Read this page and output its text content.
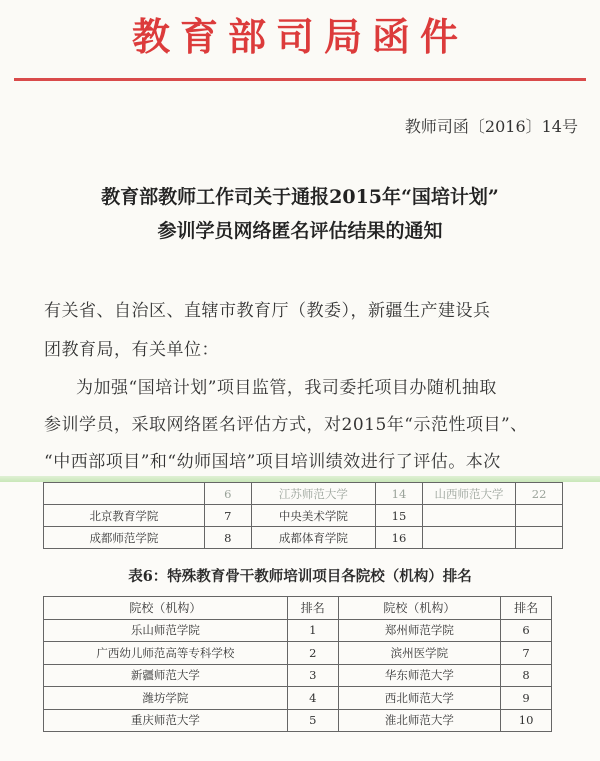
教育部司局函件
教师司函〔2016〕14号
教育部教师工作司关于通报2015年“国培计划”
参训学员网络匿名评估结果的通知
有关省、自治区、直辖市教育厅（教委），新疆生产建设兵
团教育局，有关单位：
为加强“国培计划”项目监管，我司委托项目办随机抽取
参训学员，采取网络匿名评估方式，对2015年“示范性项目”、
“中西部项目”和“幼师国培”项目培训绩效进行了评估。本次
	6	江苏师范大学	14	山西师范大学	22
北京教育学院	7	中央美术学院	15		
成都师范学院	8	成都体育学院	16		
表6：特殊教育骨干教师培训项目各院校（机构）排名
院校（机构）	排名	院校（机构）	排名
乐山师范学院	1	郑州师范学院	6
广西幼儿师范高等专科学校	2	滨州医学院	7
新疆师范大学	3	华东师范大学	8
潍坊学院	4	西北师范大学	9
重庆师范大学	5	淮北师范大学	10
